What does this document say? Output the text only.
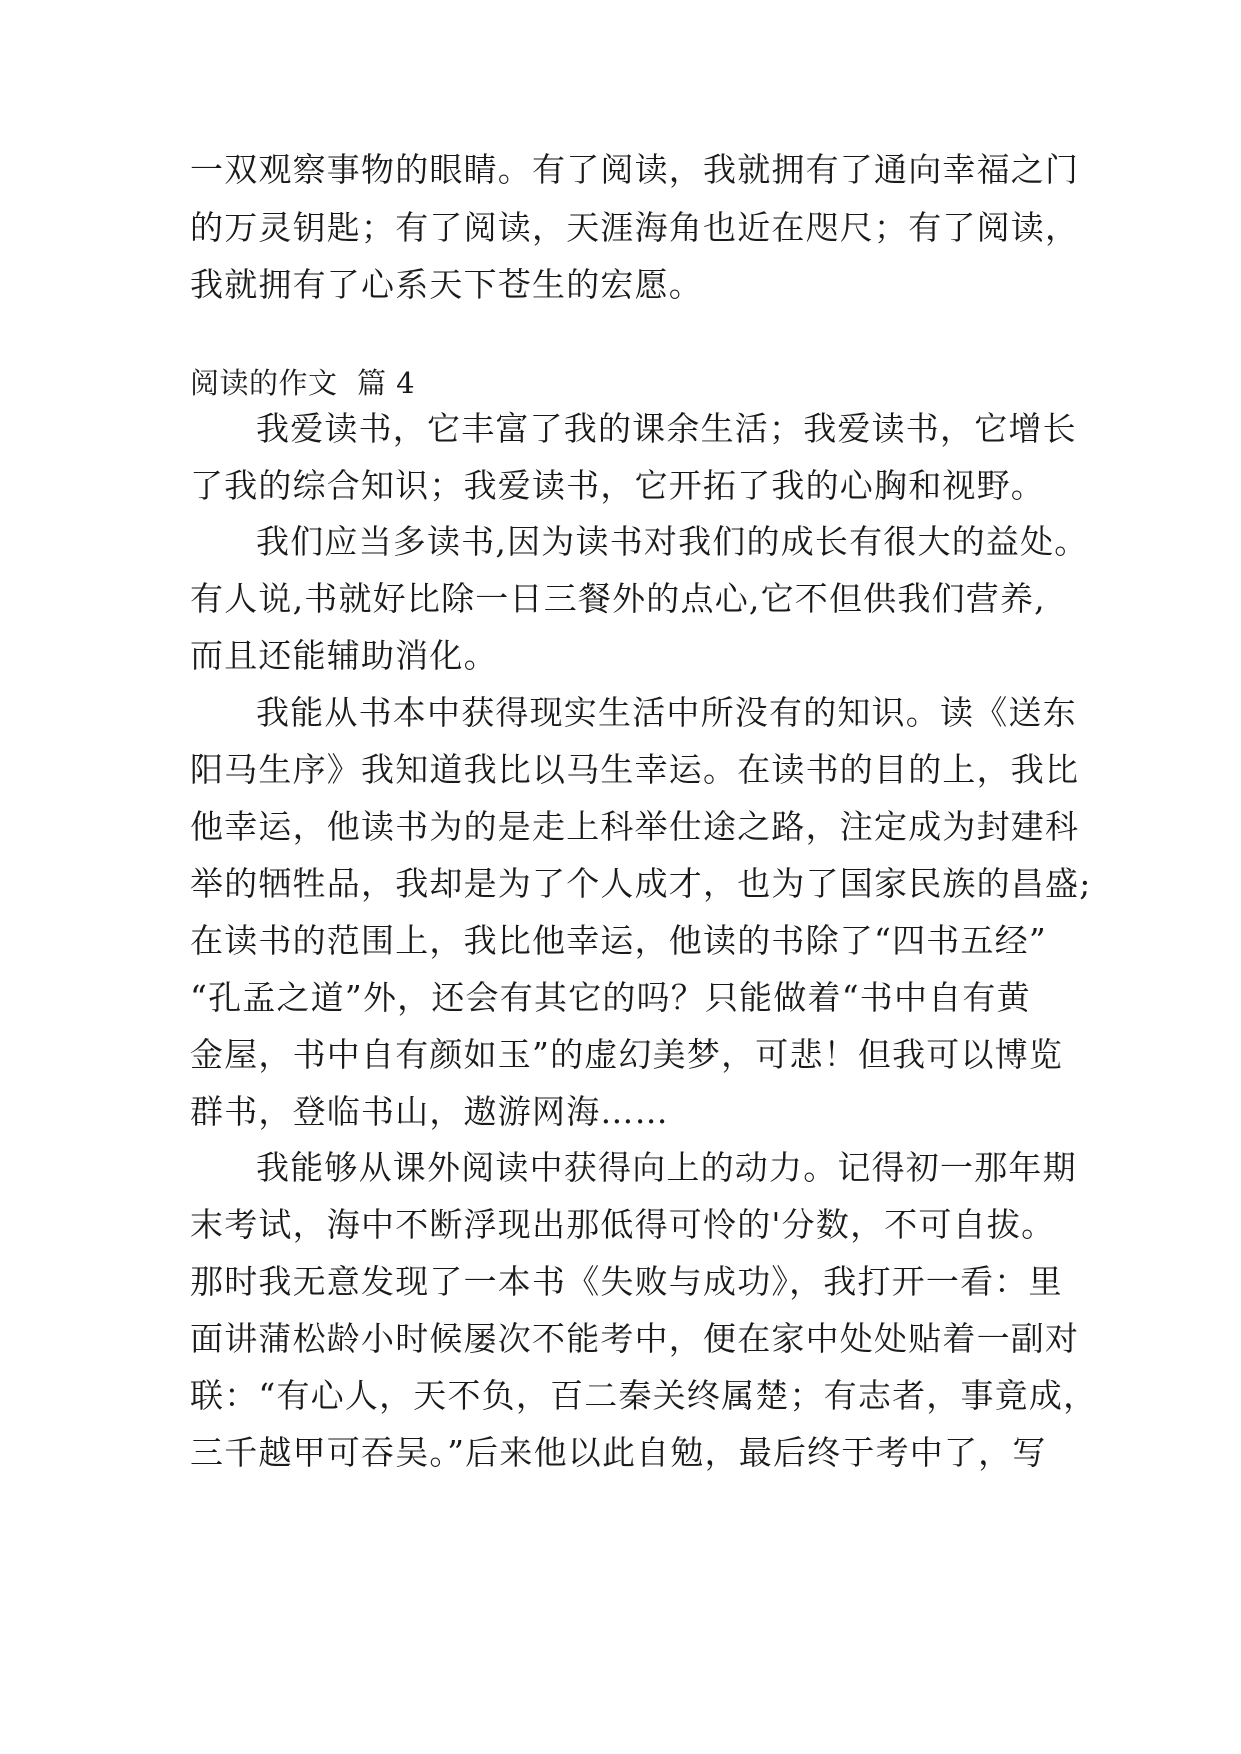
一双观察事物的眼睛。有了阅读，我就拥有了通向幸福之门
的万灵钥匙；有了阅读，天涯海角也近在咫尺；有了阅读，
我就拥有了心系天下苍生的宏愿。
阅读的作文 篇 4
我爱读书，它丰富了我的课余生活；我爱读书，它增长
了我的综合知识；我爱读书，它开拓了我的心胸和视野。
我们应当多读书,因为读书对我们的成长有很大的益处。
有人说,书就好比除一日三餐外的点心,它不但供我们营养,
而且还能辅助消化。
我能从书本中获得现实生活中所没有的知识。读《送东
阳马生序》我知道我比以马生幸运。在读书的目的上，我比
他幸运，他读书为的是走上科举仕途之路，注定成为封建科
举的牺牲品，我却是为了个人成才，也为了国家民族的昌盛;
在读书的范围上，我比他幸运，他读的书除了“四书五经”
“孔孟之道”外，还会有其它的吗？只能做着“书中自有黄
金屋，书中自有颜如玉”的虚幻美梦，可悲！但我可以博览
群书，登临书山，遨游网海……
我能够从课外阅读中获得向上的动力。记得初一那年期
末考试，海中不断浮现出那低得可怜的'分数，不可自拔。
那时我无意发现了一本书《失败与成功》，我打开一看：里
面讲蒲松龄小时候屡次不能考中，便在家中处处贴着一副对
联：“有心人，天不负，百二秦关终属楚；有志者，事竟成，
三千越甲可吞吴。”后来他以此自勉，最后终于考中了，写
